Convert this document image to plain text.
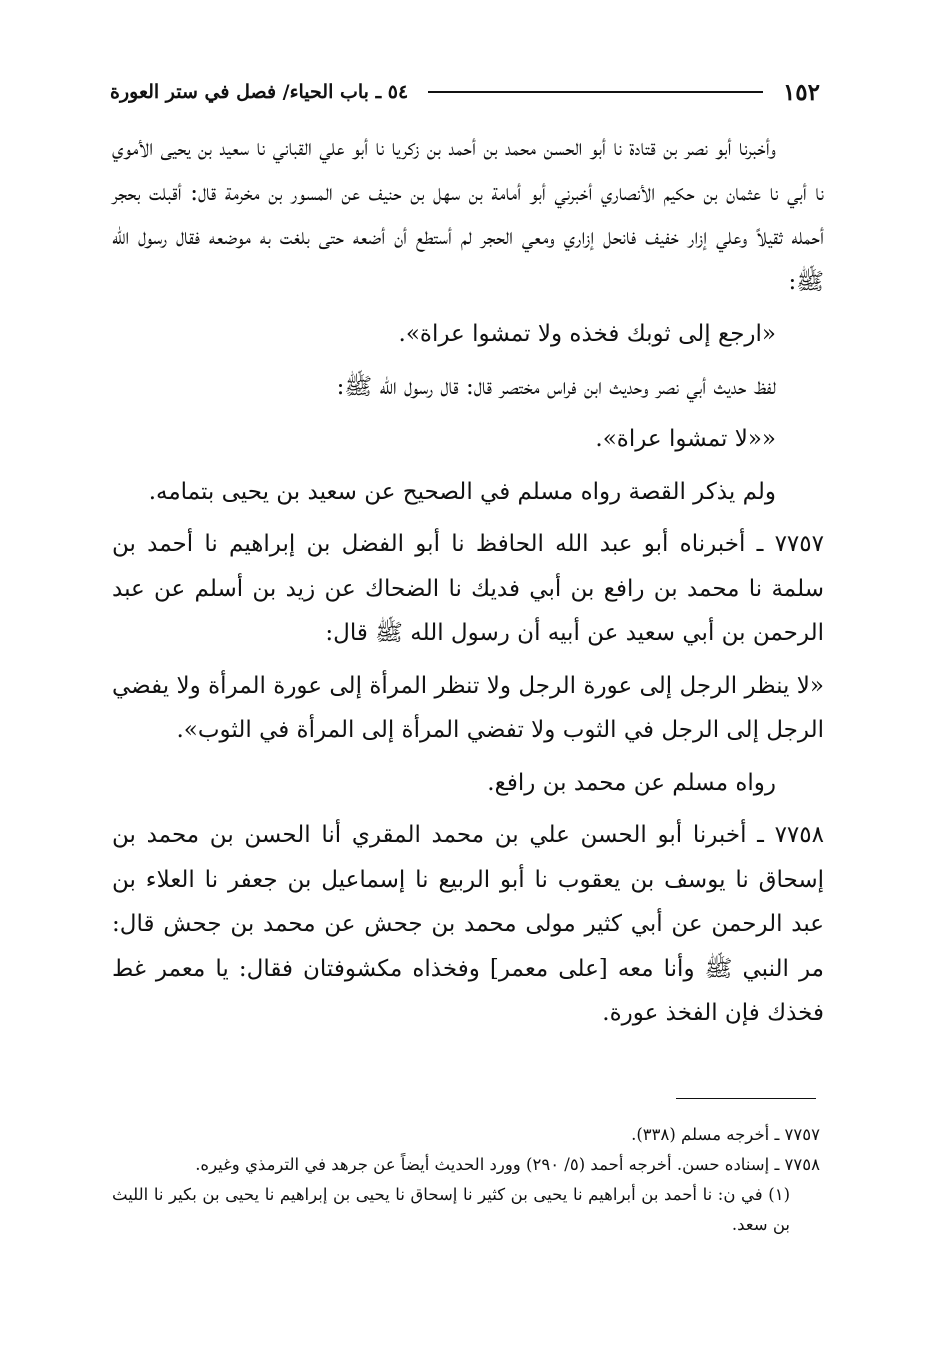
١٥٢
٥٤ ـ باب الحياء/ فصل في ستر العورة

وأخبرنا أبو نصر بن قتادة نا أبو الحسن محمد بن أحمد بن زكريا نا أبو علي القباني نا سعيد بن يحيى الأموي نا أبي نا عثمان بن حكيم الأنصاري أخبرني أبو أمامة بن سهل بن حنيف عن المسور بن مخرمة قال: أقبلت بحجر أحمله ثقيلاً وعلي إزار خفيف فانحل إزاري ومعي الحجر لم أستطع أن أضعه حتى بلغت به موضعه فقال رسول الله ﷺ:

«ارجع إلى ثوبك فخذه ولا تمشوا عراة».

لفظ حديث أبي نصر وحديث ابن فراس مختصر قال: قال رسول الله ﷺ:

««لا تمشوا عراة».

ولم يذكر القصة رواه مسلم في الصحيح عن سعيد بن يحيى بتمامه.

٧٧٥٧ ـ أخبرناه أبو عبد الله الحافظ نا أبو الفضل بن إبراهيم نا أحمد بن سلمة نا محمد بن رافع بن أبي فديك نا الضحاك عن زيد بن أسلم عن عبد الرحمن بن أبي سعيد عن أبيه أن رسول الله ﷺ قال:

«لا ينظر الرجل إلى عورة الرجل ولا تنظر المرأة إلى عورة المرأة ولا يفضي الرجل إلى الرجل في الثوب ولا تفضي المرأة إلى المرأة في الثوب».

رواه مسلم عن محمد بن رافع.

٧٧٥٨ ـ أخبرنا أبو الحسن علي بن محمد المقري أنا الحسن بن محمد بن إسحاق نا يوسف بن يعقوب نا أبو الربيع نا إسماعيل بن جعفر نا العلاء بن عبد الرحمن عن أبي كثير مولى محمد بن جحش عن محمد بن جحش قال: مر النبي ﷺ وأنا معه [على معمر] وفخذاه مكشوفتان فقال: يا معمر غط فخذك فإن الفخذ عورة.

٧٧٥٧ ـ أخرجه مسلم (٣٣٨).

٧٧٥٨ ـ إسناده حسن. أخرجه أحمد (٥/ ٢٩٠) وورد الحديث أيضاً عن جرهد في الترمذي وغيره.

(١) في ن: نا أحمد بن أبراهيم نا يحيى بن كثير نا إسحاق نا يحيى بن إبراهيم نا يحيى بن بكير نا الليث بن سعد.
